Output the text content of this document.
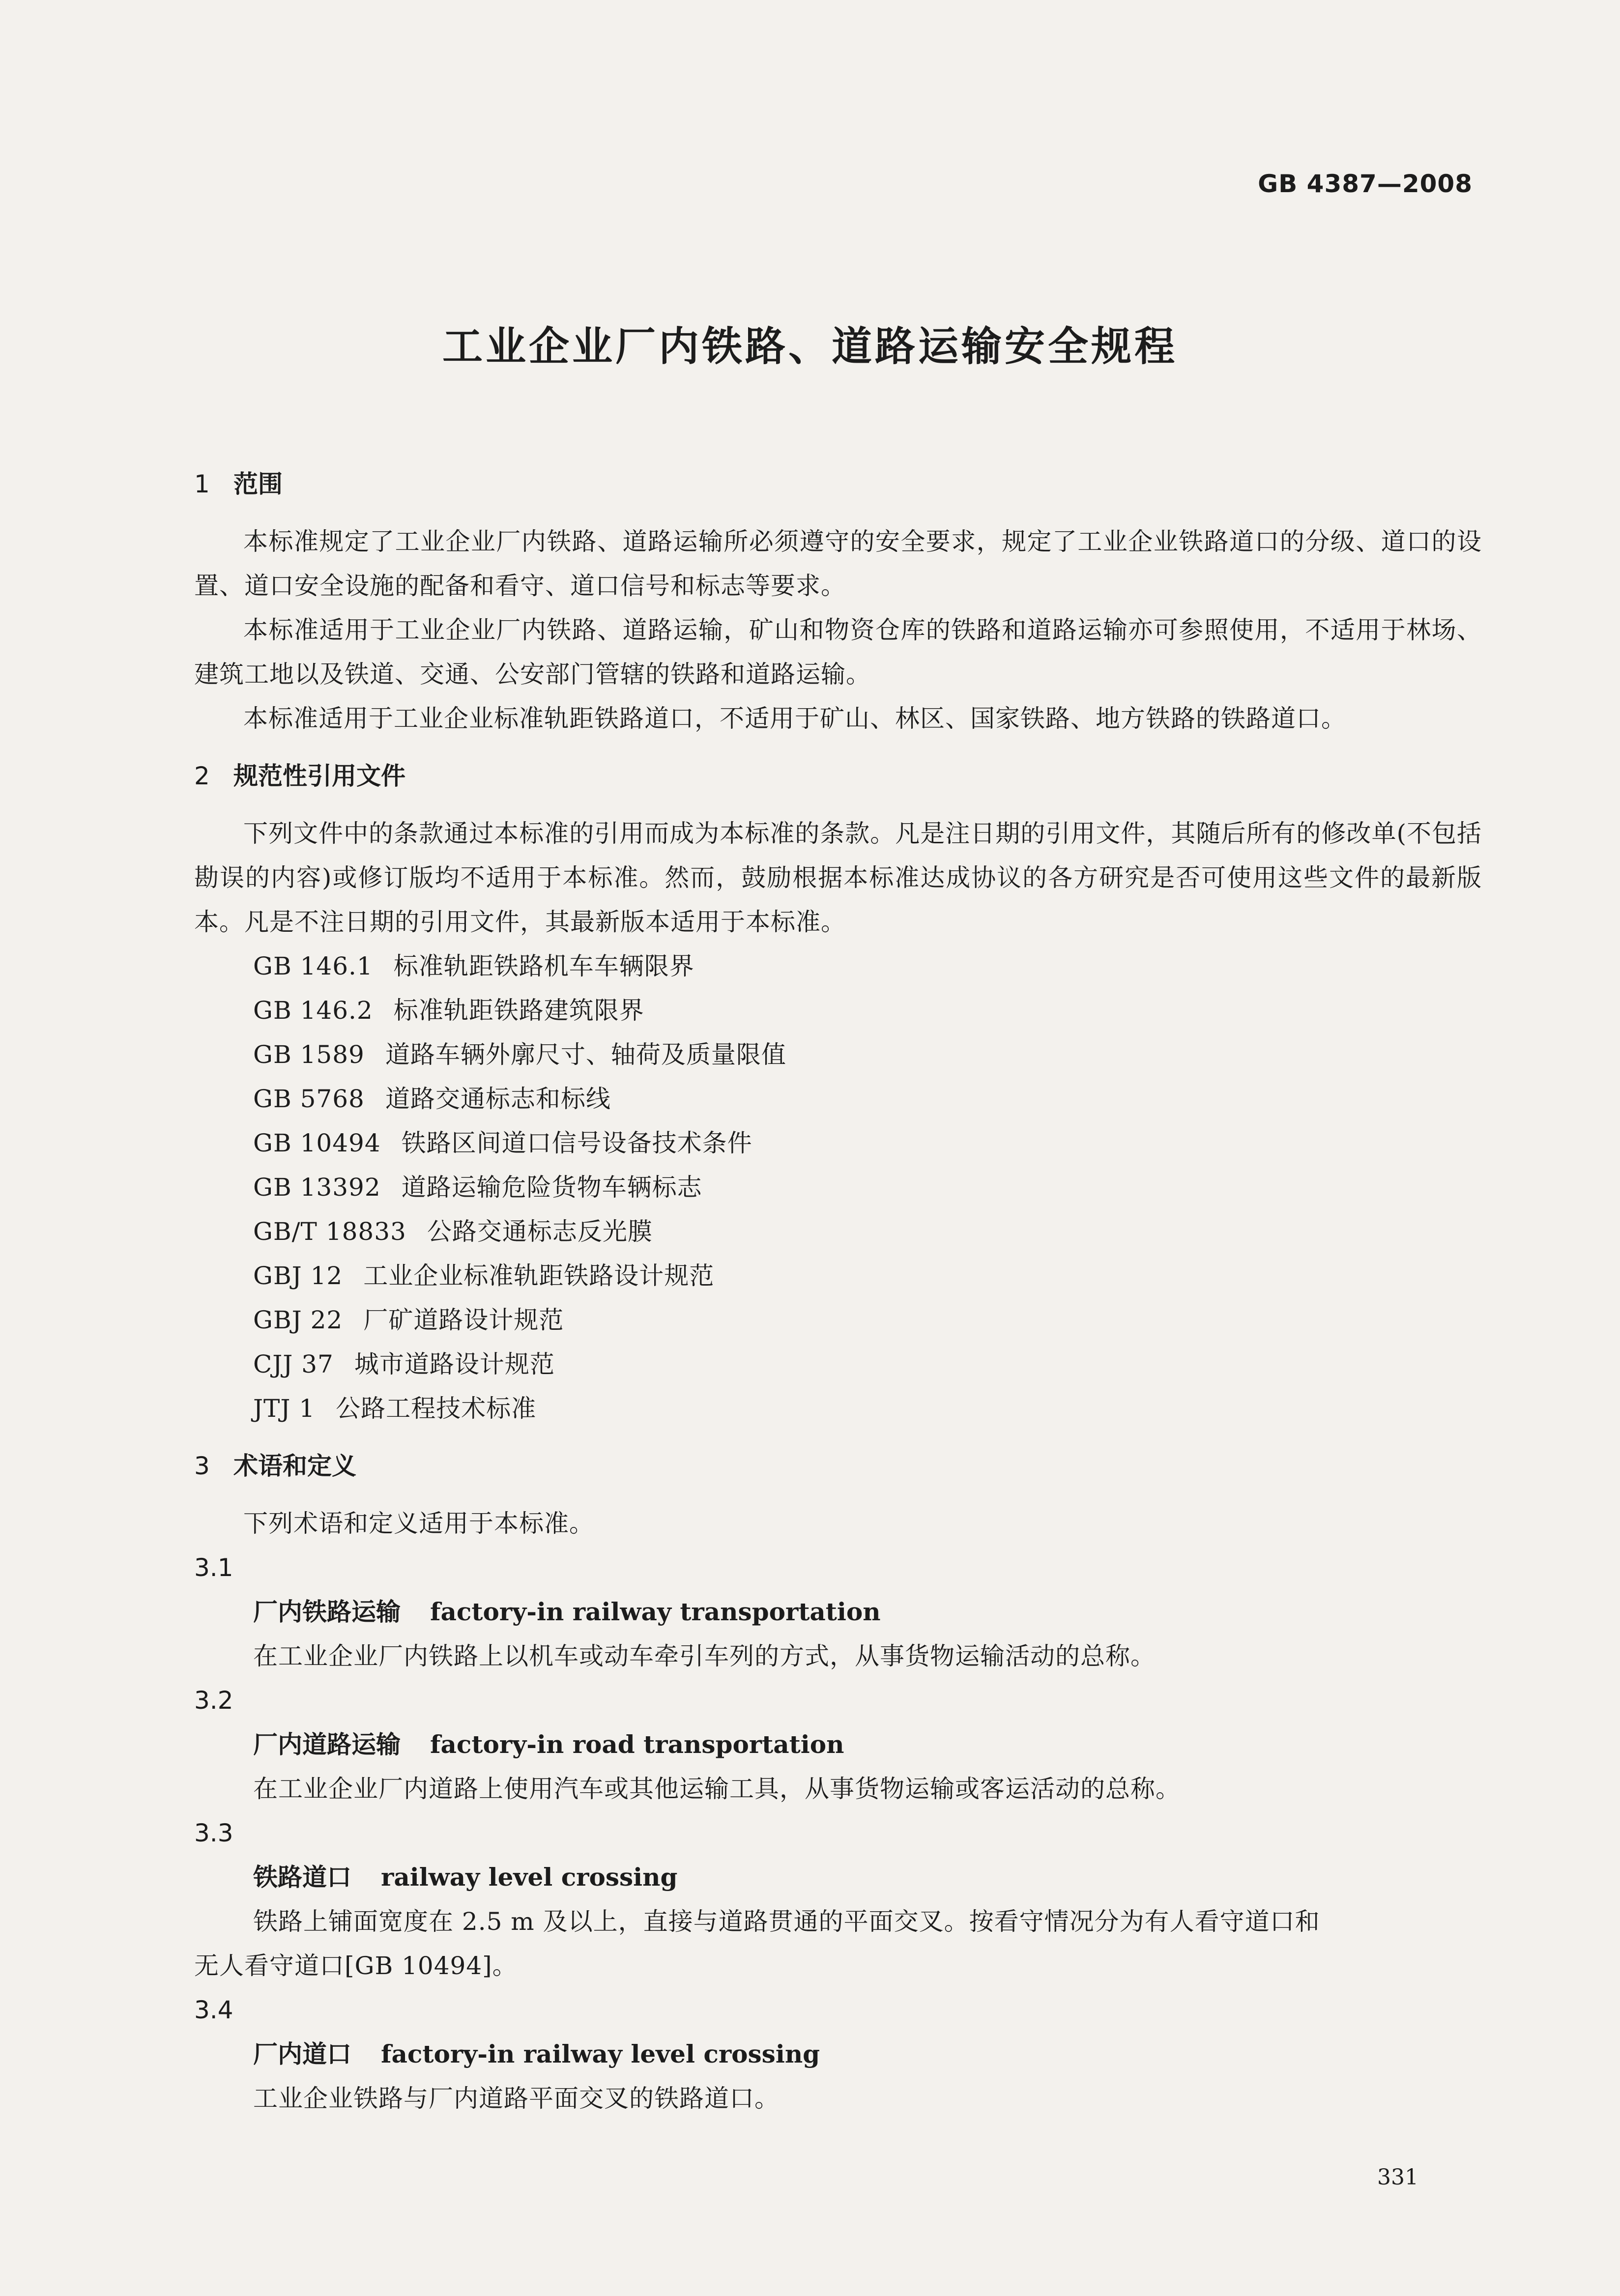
GB 4387—2008
工业企业厂内铁路、道路运输安全规程
1 范围

本标准规定了工业企业厂内铁路、道路运输所必须遵守的安全要求，规定了工业企业铁路道口的分级、道口的设置、道口安全设施的配备和看守、道口信号和标志等要求。

本标准适用于工业企业厂内铁路、道路运输，矿山和物资仓库的铁路和道路运输亦可参照使用，不适用于林场、建筑工地以及铁道、交通、公安部门管辖的铁路和道路运输。

本标准适用于工业企业标准轨距铁路道口，不适用于矿山、林区、国家铁路、地方铁路的铁路道口。

2 规范性引用文件

下列文件中的条款通过本标准的引用而成为本标准的条款。凡是注日期的引用文件，其随后所有的修改单(不包括勘误的内容)或修订版均不适用于本标准。然而，鼓励根据本标准达成协议的各方研究是否可使用这些文件的最新版本。凡是不注日期的引用文件，其最新版本适用于本标准。

GB 146.1 标准轨距铁路机车车辆限界
GB 146.2 标准轨距铁路建筑限界
GB 1589 道路车辆外廓尺寸、轴荷及质量限值
GB 5768 道路交通标志和标线
GB 10494 铁路区间道口信号设备技术条件
GB 13392 道路运输危险货物车辆标志
GB/T 18833 公路交通标志反光膜
GBJ 12 工业企业标准轨距铁路设计规范
GBJ 22 厂矿道路设计规范
CJJ 37 城市道路设计规范
JTJ 1 公路工程技术标准
3 术语和定义

下列术语和定义适用于本标准。

3.1
厂内铁路运输 factory-in railway transportation

在工业企业厂内铁路上以机车或动车牵引车列的方式，从事货物运输活动的总称。

3.2
厂内道路运输 factory-in road transportation

在工业企业厂内道路上使用汽车或其他运输工具，从事货物运输或客运活动的总称。

3.3
铁路道口 railway level crossing

铁路上铺面宽度在 2.5 m 及以上，直接与道路贯通的平面交叉。按看守情况分为有人看守道口和

无人看守道口[GB 10494]。

3.4
厂内道口 factory-in railway level crossing

工业企业铁路与厂内道路平面交叉的铁路道口。

331
